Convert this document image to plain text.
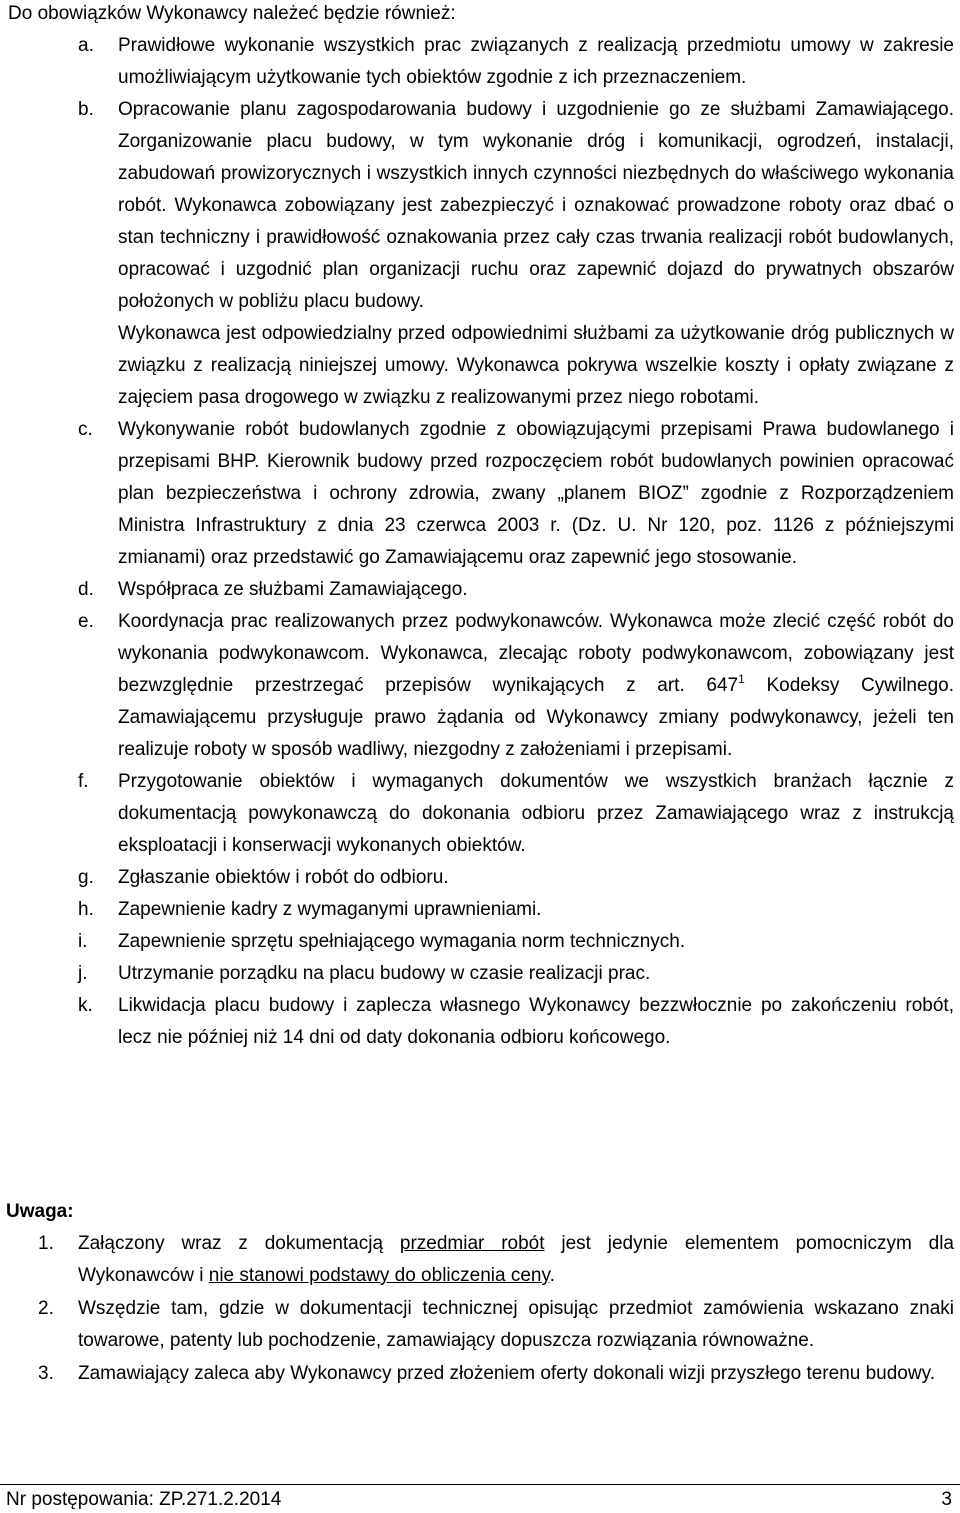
Do obowiązków Wykonawcy należeć będzie również:
a.	Prawidłowe wykonanie wszystkich prac związanych z realizacją przedmiotu umowy w zakresie umożliwiającym użytkowanie tych obiektów zgodnie z ich przeznaczeniem.
b.	Opracowanie planu zagospodarowania budowy i uzgodnienie go ze służbami Zamawiającego. Zorganizowanie placu budowy, w tym wykonanie dróg i komunikacji, ogrodzeń, instalacji, zabudowań prowizorycznych i wszystkich innych czynności niezbędnych do właściwego wykonania robót. Wykonawca zobowiązany jest zabezpieczyć i oznakować prowadzone roboty oraz dbać o stan techniczny i prawidłowość oznakowania przez cały czas trwania realizacji robót budowlanych, opracować i uzgodnić plan organizacji ruchu oraz zapewnić dojazd do prywatnych obszarów położonych w pobliżu placu budowy.
Wykonawca jest odpowiedzialny przed odpowiednimi służbami za użytkowanie dróg publicznych w związku z realizacją niniejszej umowy. Wykonawca pokrywa wszelkie koszty i opłaty związane z zajęciem pasa drogowego w związku z realizowanymi przez niego robotami.
c.	Wykonywanie robót budowlanych zgodnie z obowiązującymi przepisami Prawa budowlanego i przepisami BHP. Kierownik budowy przed rozpoczęciem robót budowlanych powinien opracować plan bezpieczeństwa i ochrony zdrowia, zwany „planem BIOZ” zgodnie z Rozporządzeniem Ministra Infrastruktury z dnia 23 czerwca 2003 r. (Dz. U. Nr 120, poz. 1126 z późniejszymi zmianami) oraz przedstawić go Zamawiającemu oraz zapewnić jego stosowanie.
d.	Współpraca ze służbami Zamawiającego.
e.	Koordynacja prac realizowanych przez podwykonawców. Wykonawca może zlecić część robót do wykonania podwykonawcom. Wykonawca, zlecając roboty podwykonawcom, zobowiązany jest bezwzględnie przestrzegać przepisów wynikających z art. $647^1$ Kodeksy Cywilnego. Zamawiającemu przysługuje prawo żądania od Wykonawcy zmiany podwykonawcy, jeżeli ten realizuje roboty w sposób wadliwy, niezgodny z założeniami i przepisami.
f.	Przygotowanie obiektów i wymaganych dokumentów we wszystkich branżach łącznie z dokumentacją powykonawczą do dokonania odbioru przez Zamawiającego wraz z instrukcją eksploatacji i konserwacji wykonanych obiektów.
g.	Zgłaszanie obiektów i robót do odbioru.
h.	Zapewnienie kadry z wymaganymi uprawnieniami.
i.	Zapewnienie sprzętu spełniającego wymagania norm technicznych.
j.	Utrzymanie porządku na placu budowy w czasie realizacji prac.
k.	Likwidacja placu budowy i zaplecza własnego Wykonawcy bezzwłocznie po zakończeniu robót, lecz nie później niż 14 dni od daty dokonania odbioru końcowego.
Uwaga:
1.	Załączony wraz z dokumentacją przedmiar robót jest jedynie elementem pomocniczym dla Wykonawców i nie stanowi podstawy do obliczenia ceny.
2.	Wszędzie tam, gdzie w dokumentacji technicznej opisując przedmiot zamówienia wskazano znaki towarowe, patenty lub pochodzenie, zamawiający dopuszcza rozwiązania równoważne.
3.	Zamawiający zaleca aby Wykonawcy przed złożeniem oferty dokonali wizji przyszłego terenu budowy.
Nr postępowania: ZP.271.2.2014	3
